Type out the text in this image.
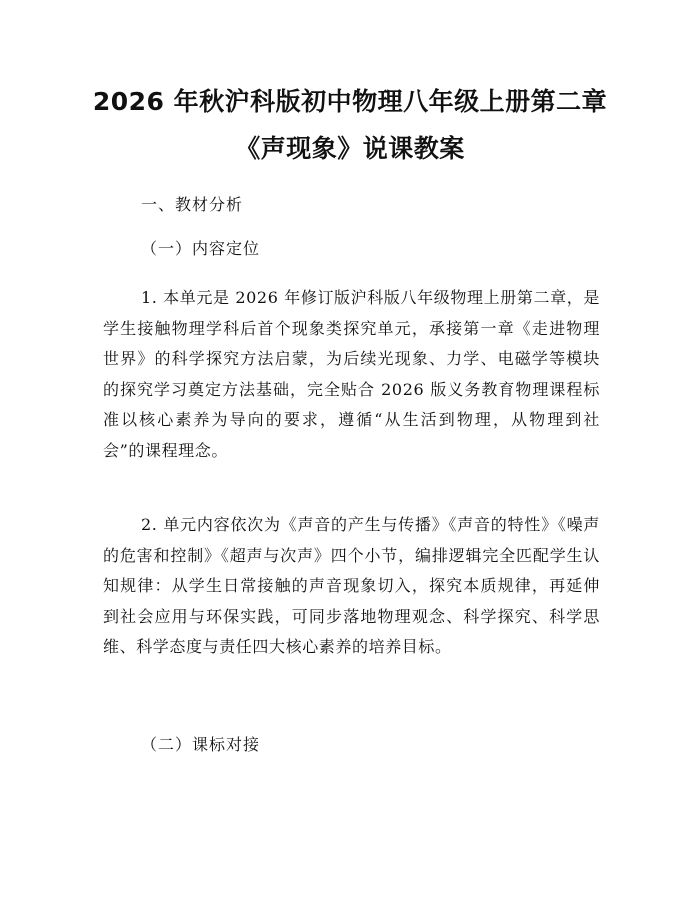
2026 年秋沪科版初中物理八年级上册第二章
《声现象》说课教案

一、教材分析

（一）内容定位

1. 本单元是 2026 年修订版沪科版八年级物理上册第二章，是学生接触物理学科后首个现象类探究单元，承接第一章《走进物理世界》的科学探究方法启蒙，为后续光现象、力学、电磁学等模块的探究学习奠定方法基础，完全贴合 2026 版义务教育物理课程标准以核心素养为导向的要求，遵循“从生活到物理，从物理到社会”的课程理念。

2. 单元内容依次为《声音的产生与传播》《声音的特性》《噪声的危害和控制》《超声与次声》四个小节，编排逻辑完全匹配学生认知规律：从学生日常接触的声音现象切入，探究本质规律，再延伸到社会应用与环保实践，可同步落地物理观念、科学探究、科学思维、科学态度与责任四大核心素养的培养目标。

（二）课标对接
